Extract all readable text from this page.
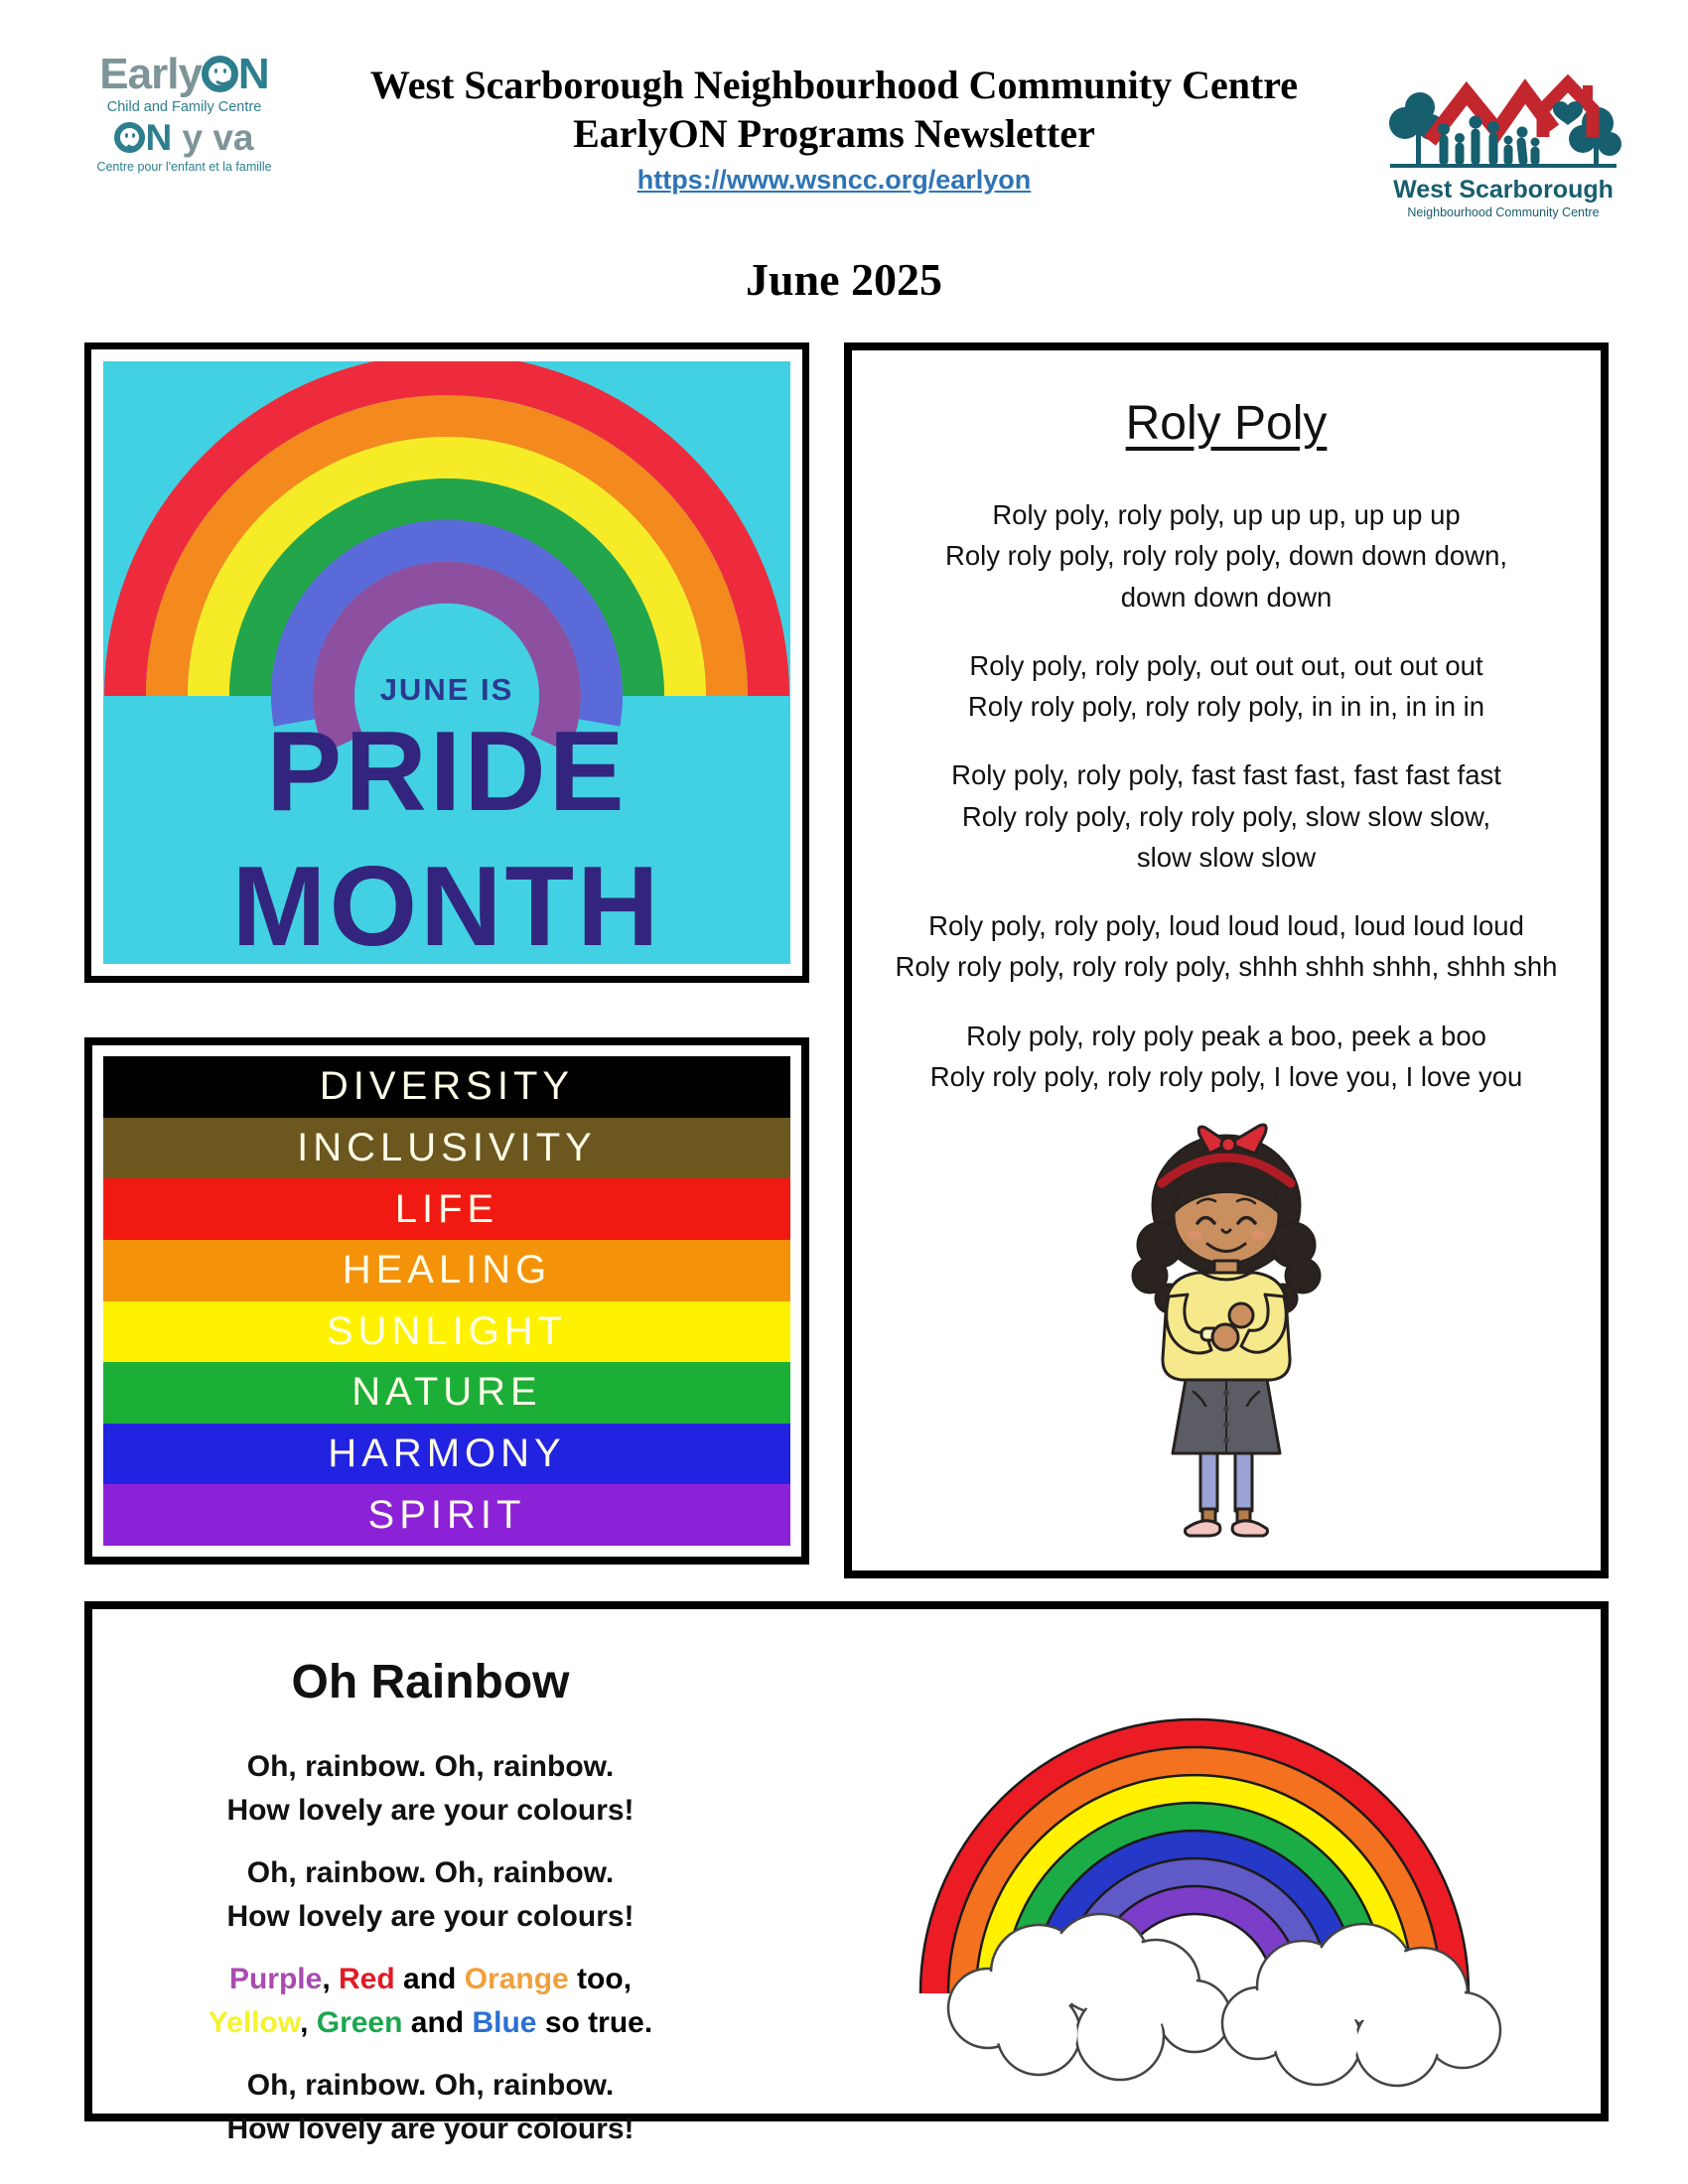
Early N
Child and Family Centre
N y va
Centre pour l'enfant et la famille
West Scarborough Neighbourhood Community Centre
EarlyON Programs Newsletter
https://www.wsncc.org/earlyon	West Scarborough
Neighbourhood Community Centre
June 2025
JUNE IS
PRIDE
MONTH
DIVERSITY
INCLUSIVITY
LIFE
HEALING
SUNLIGHT
NATURE
HARMONY
SPIRIT
Roly Poly
Roly poly, roly poly, up up up, up up up
Roly roly poly, roly roly poly, down down down,
down down down
Roly poly, roly poly, out out out, out out out
Roly roly poly, roly roly poly, in in in, in in in
Roly poly, roly poly, fast fast fast, fast fast fast
Roly roly poly, roly roly poly, slow slow slow,
slow slow slow
Roly poly, roly poly, loud loud loud, loud loud loud
Roly roly poly, roly roly poly, shhh shhh shhh, shhh shh
Roly poly, roly poly peak a boo, peek a boo
Roly roly poly, roly roly poly, I love you, I love you
Oh Rainbow
Oh, rainbow. Oh, rainbow.
How lovely are your colours!
Oh, rainbow. Oh, rainbow.
How lovely are your colours!
Purple, Red and Orange too,
Yellow, Green and Blue so true.
Oh, rainbow. Oh, rainbow.
How lovely are your colours!
